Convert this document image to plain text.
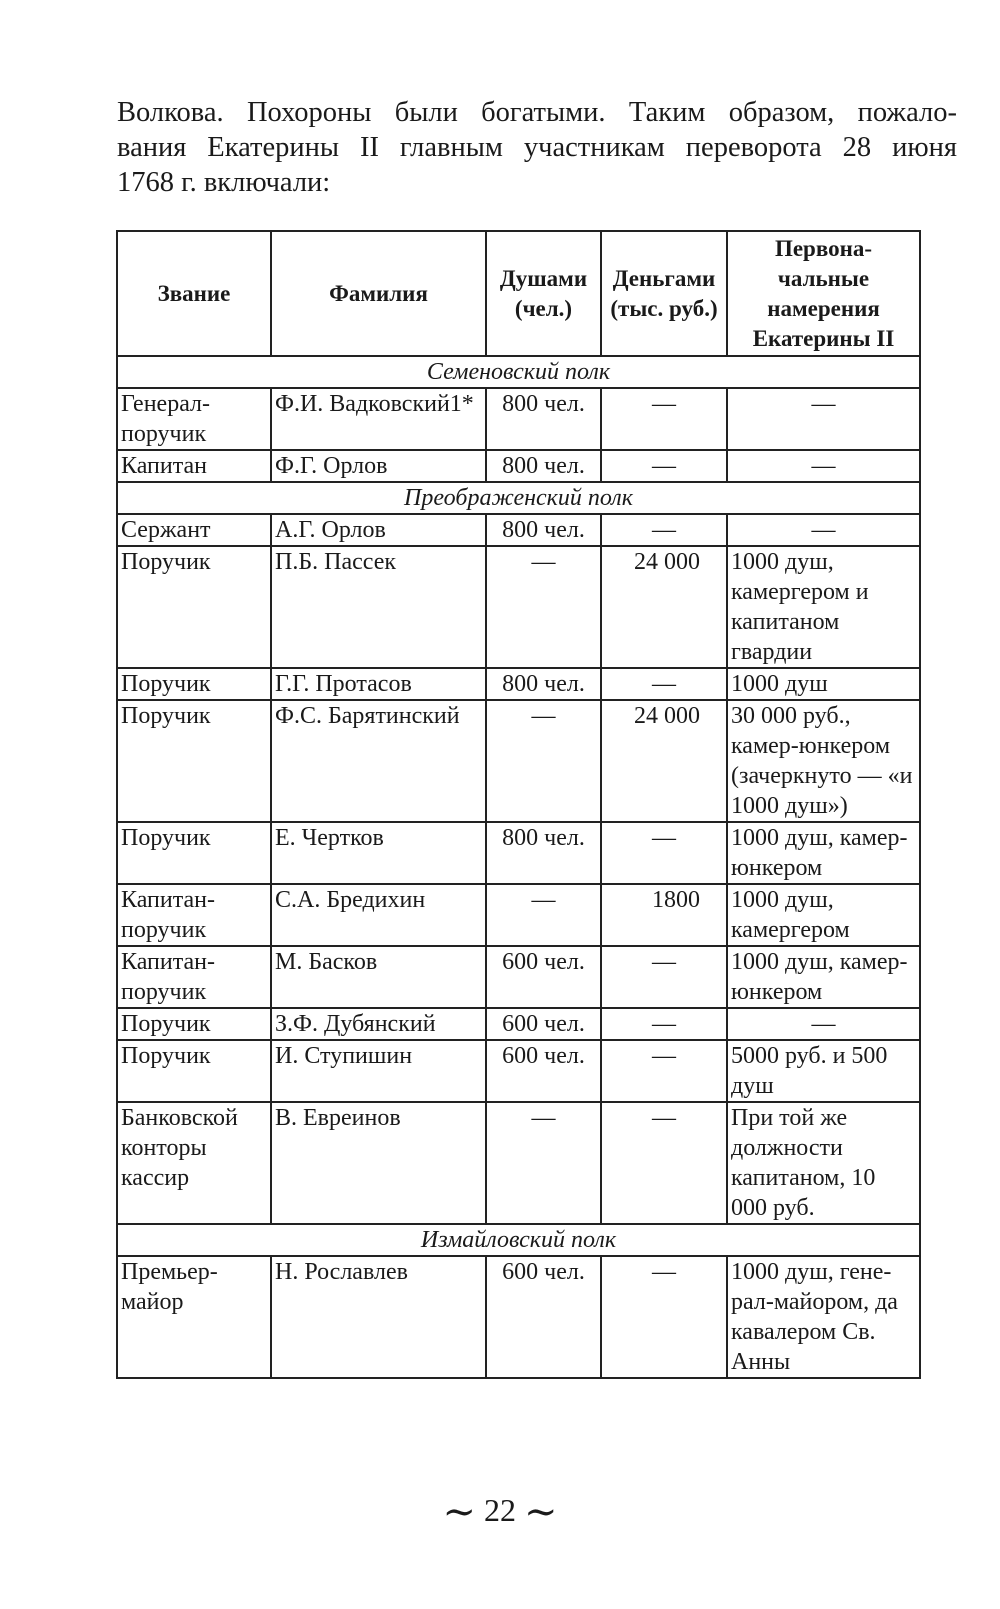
Волкова. Похороны были богатыми. Таким образом, пожало-
вания Екатерины II главным участникам переворота 28 июня
1768 г. включали:
Звание	Фамилия	Душами (чел.)	Деньгами (тыс. руб.)	Первона-чальные намерения Екатерины II
Семеновский полк				
Генерал-поручик	Ф.И. Вадковский1*	800 чел.	—	—
Капитан	Ф.Г. Орлов	800 чел.	—	—
Преображенский полк				
Сержант	А.Г. Орлов	800 чел.	—	—
Поручик	П.Б. Пассек	—	24 000	1000 душ, камергером и капитаном гвардии
Поручик	Г.Г. Протасов	800 чел.	—	1000 душ
Поручик	Ф.С. Барятинский	—	24 000	30 000 руб., камер-юнкером (зачеркнуто — «и 1000 душ»)
Поручик	Е. Чертков	800 чел.	—	1000 душ, камер-юнкером
Капитан-поручик	С.А. Бредихин	—	1800	1000 душ, камергером
Капитан-поручик	М. Басков	600 чел.	—	1000 душ, камер-юнкером
Поручик	З.Ф. Дубянский	600 чел.	—	—
Поручик	И. Ступишин	600 чел.	—	5000 руб. и 500 душ
Банковской конторы кассир	В. Евреинов	—	—	При той же должности капитаном, 10 000 руб.
Измайловский полк				
Премьер-майор	Н. Рославлев	600 чел.	—	1000 душ, гене-рал-майором, да кавалером Св. Анны
∼ 22 ∼
